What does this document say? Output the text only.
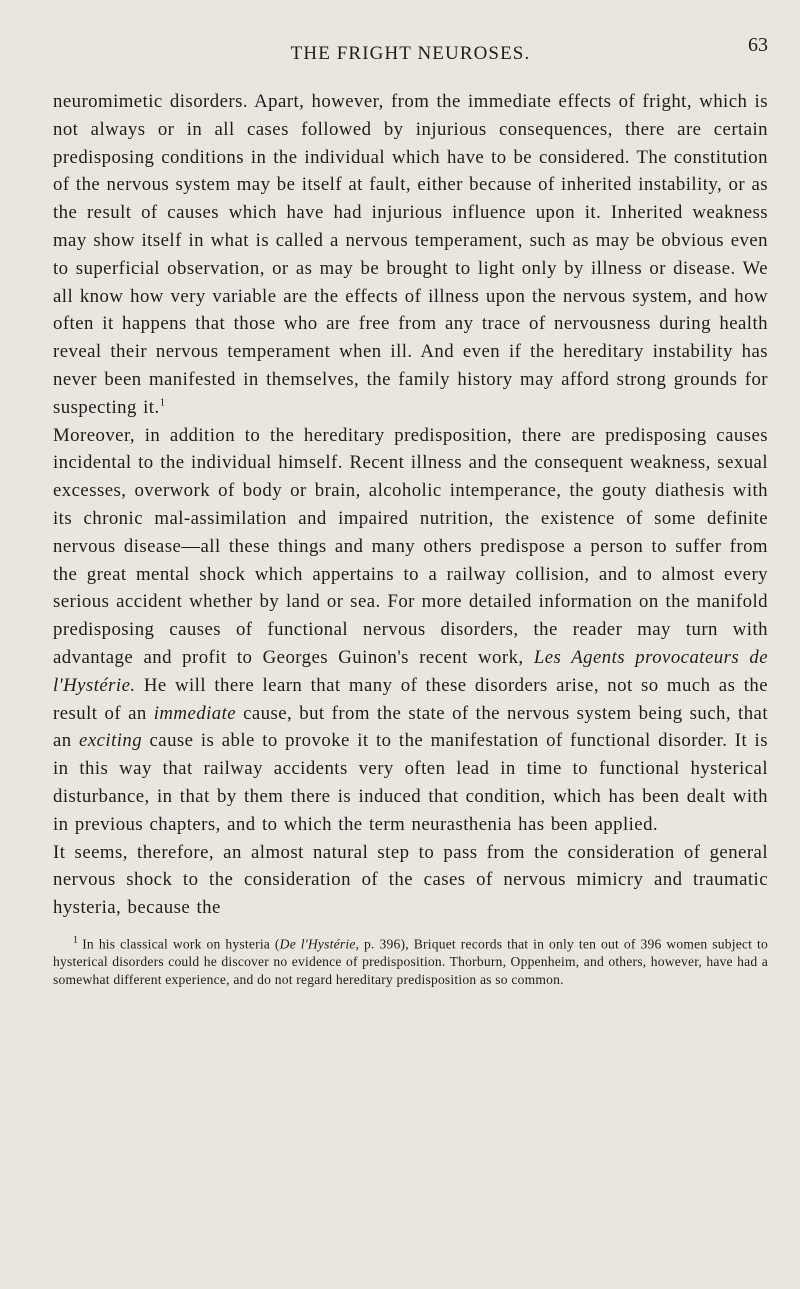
THE FRIGHT NEUROSES.	63

neuromimetic disorders. Apart, however, from the immediate effects of fright, which is not always or in all cases followed by injurious consequences, there are certain predisposing conditions in the individual which have to be considered. The constitution of the nervous system may be itself at fault, either because of inherited instability, or as the result of causes which have had injurious influence upon it. Inherited weakness may show itself in what is called a nervous temperament, such as may be obvious even to superficial observation, or as may be brought to light only by illness or disease. We all know how very variable are the effects of illness upon the nervous system, and how often it happens that those who are free from any trace of nervousness during health reveal their nervous temperament when ill. And even if the hereditary instability has never been manifested in themselves, the family history may afford strong grounds for suspecting it.$^1$

Moreover, in addition to the hereditary predisposition, there are predisposing causes incidental to the individual himself. Recent illness and the consequent weakness, sexual excesses, overwork of body or brain, alcoholic intemperance, the gouty diathesis with its chronic mal-assimilation and impaired nutrition, the existence of some definite nervous disease—all these things and many others predispose a person to suffer from the great mental shock which appertains to a railway collision, and to almost every serious accident whether by land or sea. For more detailed information on the manifold predisposing causes of functional nervous disorders, the reader may turn with advantage and profit to Georges Guinon's recent work, Les Agents provocateurs de l'Hystérie. He will there learn that many of these disorders arise, not so much as the result of an immediate cause, but from the state of the nervous system being such, that an exciting cause is able to provoke it to the manifestation of functional disorder. It is in this way that railway accidents very often lead in time to functional hysterical disturbance, in that by them there is induced that condition, which has been dealt with in previous chapters, and to which the term neurasthenia has been applied.

It seems, therefore, an almost natural step to pass from the consideration of general nervous shock to the consideration of the cases of nervous mimicry and traumatic hysteria, because the

$^1$ In his classical work on hysteria (De l'Hystérie, p. 396), Briquet records that in only ten out of 396 women subject to hysterical disorders could he discover no evidence of predisposition. Thorburn, Oppenheim, and others, however, have had a somewhat different experience, and do not regard hereditary predisposition as so common.
